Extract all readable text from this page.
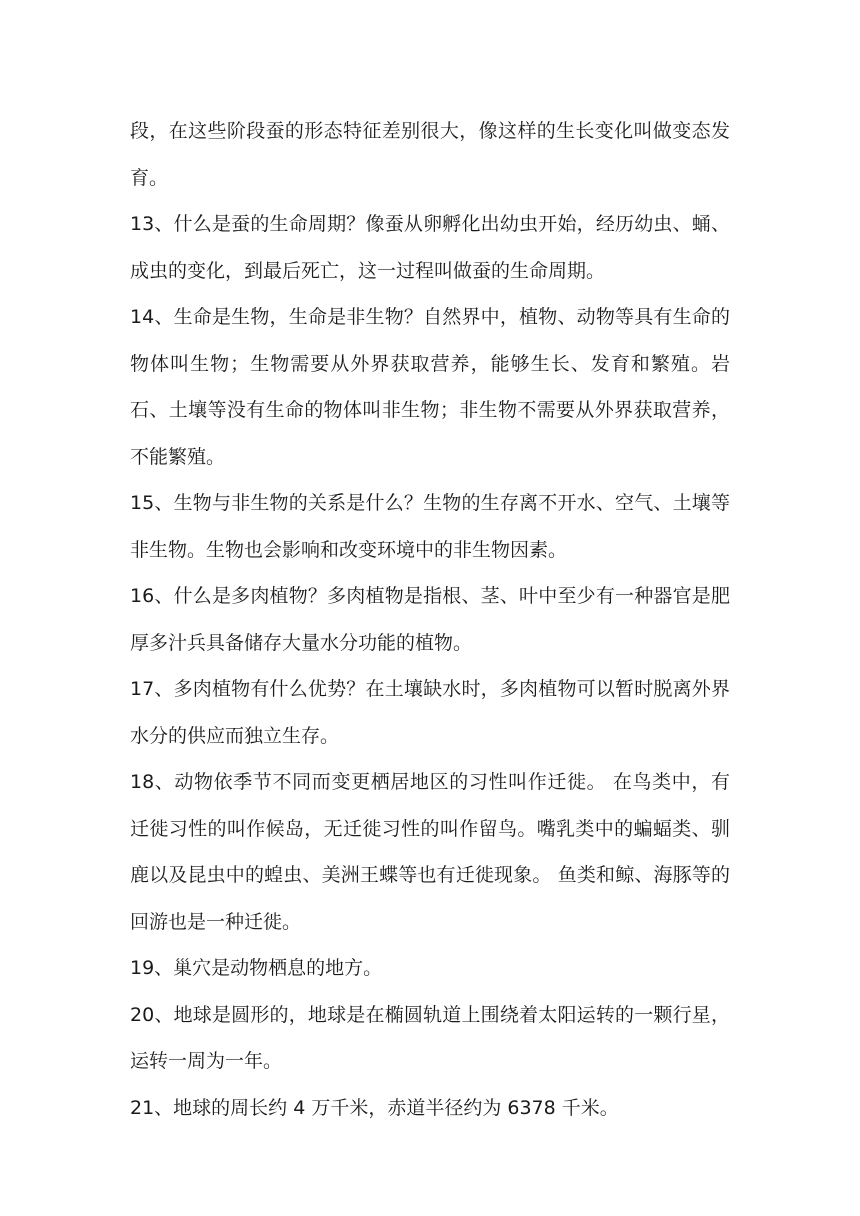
段，在这些阶段蚕的形态特征差别很大，像这样的生长变化叫做变态发育。

13、什么是蚕的生命周期？像蚕从卵孵化出幼虫开始，经历幼虫、蛹、成虫的变化，到最后死亡，这一过程叫做蚕的生命周期。

14、生命是生物，生命是非生物？自然界中，植物、动物等具有生命的物体叫生物；生物需要从外界获取营养，能够生长、发育和繁殖。岩石、土壤等没有生命的物体叫非生物；非生物不需要从外界获取营养，不能繁殖。

15、生物与非生物的关系是什么？生物的生存离不开水、空气、土壤等非生物。生物也会影响和改变环境中的非生物因素。

16、什么是多肉植物？多肉植物是指根、茎、叶中至少有一种器官是肥厚多汁兵具备储存大量水分功能的植物。

17、多肉植物有什么优势？在土壤缺水时，多肉植物可以暂时脱离外界水分的供应而独立生存。

18、动物依季节不同而变更栖居地区的习性叫作迁徙。 在鸟类中，有迁徙习性的叫作候岛，无迁徙习性的叫作留鸟。嘴乳类中的蝙蝠类、驯鹿以及昆虫中的蝗虫、美洲王蝶等也有迁徙现象。 鱼类和鲸、海豚等的回游也是一种迁徙。

19、巢穴是动物栖息的地方。

20、地球是圆形的，地球是在椭圆轨道上围绕着太阳运转的一颗行星，运转一周为一年。

21、地球的周长约 4 万千米，赤道半径约为 6378 千米。
